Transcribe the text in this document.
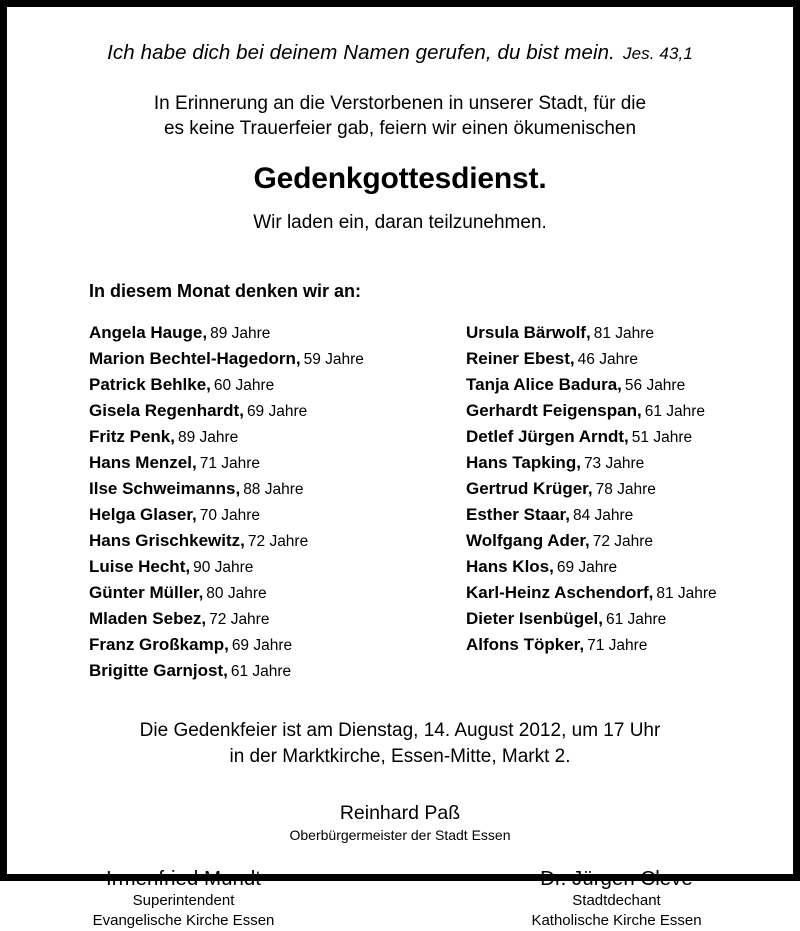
Ich habe dich bei deinem Namen gerufen, du bist mein. Jes. 43,1
In Erinnerung an die Verstorbenen in unserer Stadt, für die
es keine Trauerfeier gab, feiern wir einen ökumenischen
Gedenkgottesdienst.
Wir laden ein, daran teilzunehmen.
In diesem Monat denken wir an:
Angela Hauge, 89 Jahre
Marion Bechtel-Hagedorn, 59 Jahre
Patrick Behlke, 60 Jahre
Gisela Regenhardt, 69 Jahre
Fritz Penk, 89 Jahre
Hans Menzel, 71 Jahre
Ilse Schweimanns, 88 Jahre
Helga Glaser, 70 Jahre
Hans Grischkewitz, 72 Jahre
Luise Hecht, 90 Jahre
Günter Müller, 80 Jahre
Mladen Sebez, 72 Jahre
Franz Großkamp, 69 Jahre
Brigitte Garnjost, 61 Jahre
Ursula Bärwolf, 81 Jahre
Reiner Ebest, 46 Jahre
Tanja Alice Badura, 56 Jahre
Gerhardt Feigenspan, 61 Jahre
Detlef Jürgen Arndt, 51 Jahre
Hans Tapking, 73 Jahre
Gertrud Krüger, 78 Jahre
Esther Staar, 84 Jahre
Wolfgang Ader, 72 Jahre
Hans Klos, 69 Jahre
Karl-Heinz Aschendorf, 81 Jahre
Dieter Isenbügel, 61 Jahre
Alfons Töpker, 71 Jahre
Die Gedenkfeier ist am Dienstag, 14. August 2012, um 17 Uhr
in der Marktkirche, Essen-Mitte, Markt 2.
Reinhard Paß
Oberbürgermeister der Stadt Essen
Irmenfried Mundt
Superintendent
Evangelische Kirche Essen
Dr. Jürgen Cleve
Stadtdechant
Katholische Kirche Essen
